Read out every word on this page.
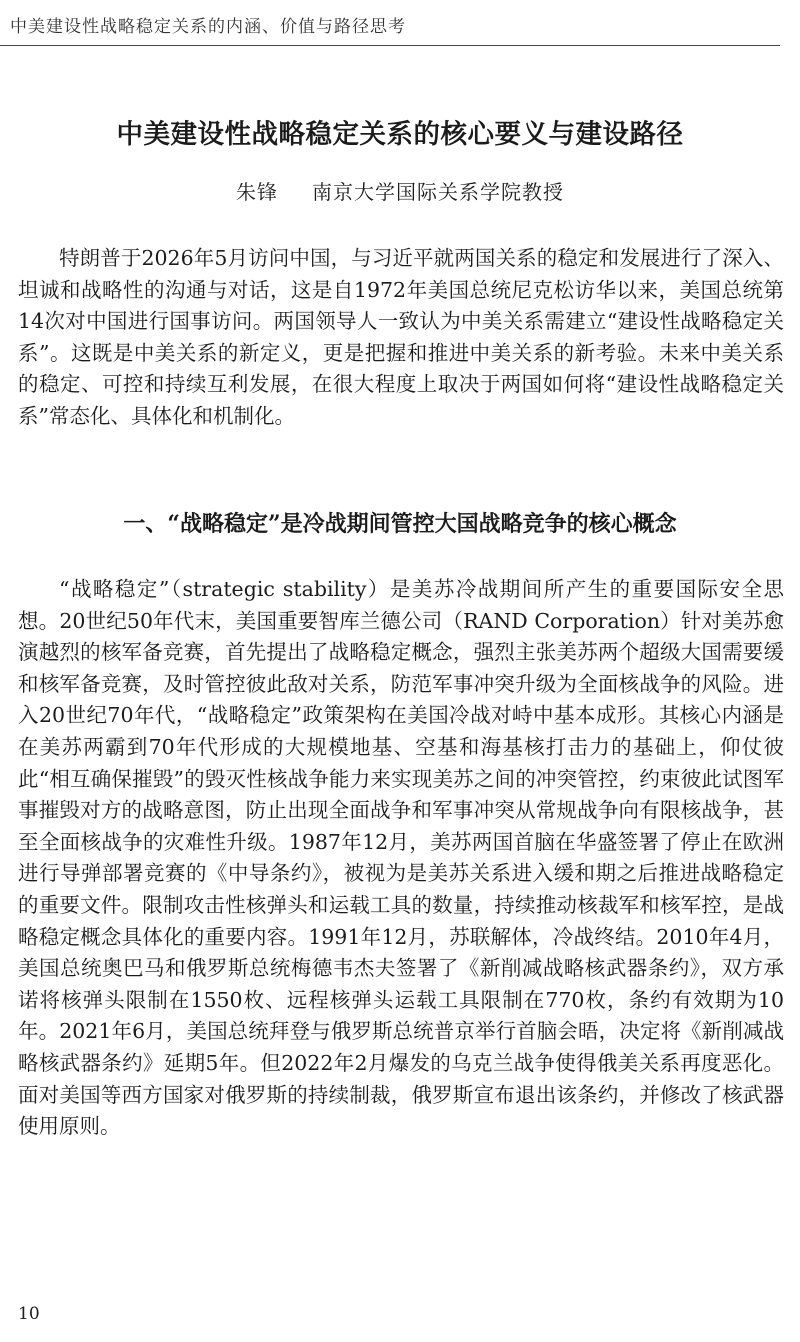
中美建设性战略稳定关系的内涵、价值与路径思考
中美建设性战略稳定关系的核心要义与建设路径
朱锋 南京大学国际关系学院教授

特朗普于2026年5月访问中国，与习近平就两国关系的稳定和发展进行了深入、坦诚和战略性的沟通与对话，这是自1972年美国总统尼克松访华以来，美国总统第14次对中国进行国事访问。两国领导人一致认为中美关系需建立“建设性战略稳定关系”。这既是中美关系的新定义，更是把握和推进中美关系的新考验。未来中美关系的稳定、可控和持续互利发展，在很大程度上取决于两国如何将“建设性战略稳定关系”常态化、具体化和机制化。

一、“战略稳定”是冷战期间管控大国战略竞争的核心概念

“战略稳定”（strategic stability）是美苏冷战期间所产生的重要国际安全思想。20世纪50年代末，美国重要智库兰德公司（RAND Corporation）针对美苏愈演越烈的核军备竞赛，首先提出了战略稳定概念，强烈主张美苏两个超级大国需要缓和核军备竞赛，及时管控彼此敌对关系，防范军事冲突升级为全面核战争的风险。进入20世纪70年代，“战略稳定”政策架构在美国冷战对峙中基本成形。其核心内涵是在美苏两霸到70年代形成的大规模地基、空基和海基核打击力的基础上，仰仗彼此“相互确保摧毁”的毁灭性核战争能力来实现美苏之间的冲突管控，约束彼此试图军事摧毁对方的战略意图，防止出现全面战争和军事冲突从常规战争向有限核战争，甚至全面核战争的灾难性升级。1987年12月，美苏两国首脑在华盛签署了停止在欧洲进行导弹部署竞赛的《中导条约》，被视为是美苏关系进入缓和期之后推进战略稳定的重要文件。限制攻击性核弹头和运载工具的数量，持续推动核裁军和核军控，是战略稳定概念具体化的重要内容。1991年12月，苏联解体，冷战终结。2010年4月，美国总统奥巴马和俄罗斯总统梅德韦杰夫签署了《新削减战略核武器条约》，双方承诺将核弹头限制在1550枚、远程核弹头运载工具限制在770枚，条约有效期为10年。2021年6月，美国总统拜登与俄罗斯总统普京举行首脑会晤，决定将《新削减战略核武器条约》延期5年。但2022年2月爆发的乌克兰战争使得俄美关系再度恶化。面对美国等西方国家对俄罗斯的持续制裁，俄罗斯宣布退出该条约，并修改了核武器使用原则。

10
